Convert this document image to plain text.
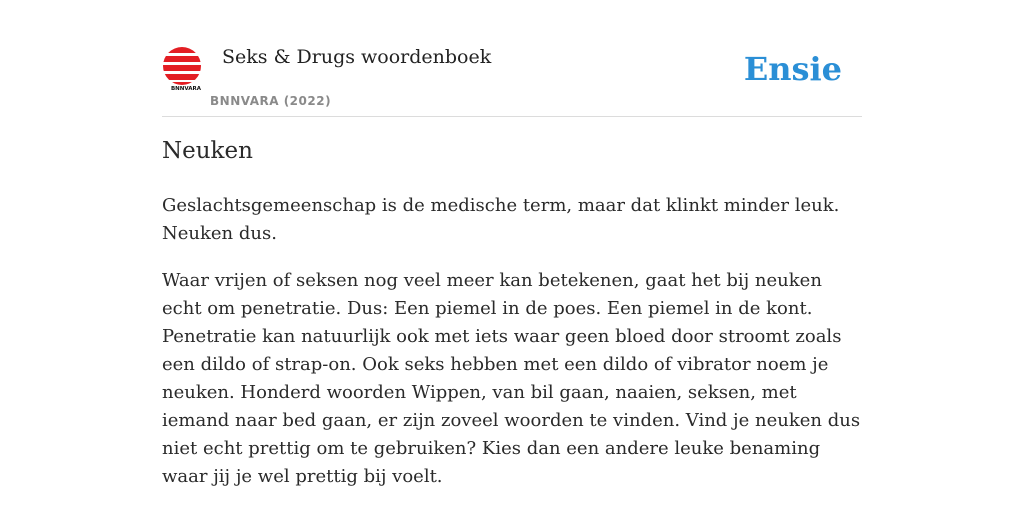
BNNVARA
Seks & Drugs woordenboek
BNNVARA (2022)
Ensie
Neuken

Geslachtsgemeenschap is de medische term, maar dat klinkt minder leuk. Neuken dus.

Waar vrijen of seksen nog veel meer kan betekenen, gaat het bij neuken echt om penetratie. Dus: Een piemel in de poes. Een piemel in de kont. Penetratie kan natuurlijk ook met iets waar geen bloed door stroomt zoals een dildo of strap-on. Ook seks hebben met een dildo of vibrator noem je neuken. Honderd woorden Wippen, van bil gaan, naaien, seksen, met iemand naar bed gaan, er zijn zoveel woorden te vinden. Vind je neuken dus niet echt prettig om te gebruiken? Kies dan een andere leuke benaming waar jij je wel prettig bij voelt.
